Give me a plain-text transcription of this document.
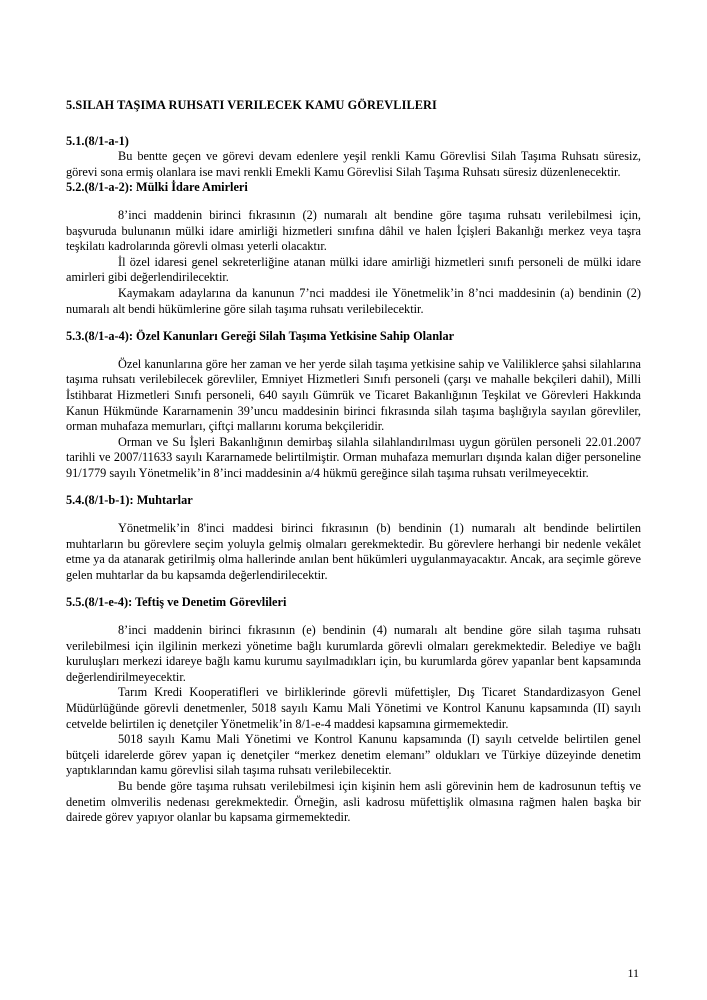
5.SILAH TAŞIMA RUHSATI VERILECEK KAMU GÖREVLILERI
5.1.(8/1-a-1)

Bu bentte geçen ve görevi devam edenlere yeşil renkli Kamu Görevlisi Silah Taşıma Ruhsatı süresiz, görevi sona ermiş olanlara ise mavi renkli Emekli Kamu Görevlisi Silah Taşıma Ruhsatı süresiz düzenlenecektir.

5.2.(8/1-a-2): Mülki İdare Amirleri

8’inci maddenin birinci fıkrasının (2) numaralı alt bendine göre taşıma ruhsatı verilebilmesi için, başvuruda bulunanın mülki idare amirliği hizmetleri sınıfına dâhil ve halen İçişleri Bakanlığı merkez veya taşra teşkilatı kadrolarında görevli olması yeterli olacaktır.

İl özel idaresi genel sekreterliğine atanan mülki idare amirliği hizmetleri sınıfı personeli de mülki idare amirleri gibi değerlendirilecektir.

Kaymakam adaylarına da kanunun 7’nci maddesi ile Yönetmelik’in 8’nci maddesinin (a) bendinin (2) numaralı alt bendi hükümlerine göre silah taşıma ruhsatı verilebilecektir.

5.3.(8/1-a-4): Özel Kanunları Gereği Silah Taşıma Yetkisine Sahip Olanlar

Özel kanunlarına göre her zaman ve her yerde silah taşıma yetkisine sahip ve Valiliklerce şahsi silahlarına taşıma ruhsatı verilebilecek görevliler, Emniyet Hizmetleri Sınıfı personeli (çarşı ve mahalle bekçileri dahil), Milli İstihbarat Hizmetleri Sınıfı personeli, 640 sayılı Gümrük ve Ticaret Bakanlığının Teşkilat ve Görevleri Hakkında Kanun Hükmünde Kararnamenin 39’uncu maddesinin birinci fıkrasında silah taşıma başlığıyla sayılan görevliler, orman muhafaza memurları, çiftçi mallarını koruma bekçileridir.

Orman ve Su İşleri Bakanlığının demirbaş silahla silahlandırılması uygun görülen personeli 22.01.2007 tarihli ve 2007/11633 sayılı Kararnamede belirtilmiştir. Orman muhafaza memurları dışında kalan diğer personeline 91/1779 sayılı Yönetmelik’in 8’inci maddesinin a/4 hükmü gereğince silah taşıma ruhsatı verilmeyecektir.

5.4.(8/1-b-1): Muhtarlar

Yönetmelik’in 8'inci maddesi birinci fıkrasının (b) bendinin (1) numaralı alt bendinde belirtilen muhtarların bu görevlere seçim yoluyla gelmiş olmaları gerekmektedir. Bu görevlere herhangi bir nedenle vekâlet etme ya da atanarak getirilmiş olma hallerinde anılan bent hükümleri uygulanmayacaktır. Ancak, ara seçimle göreve gelen muhtarlar da bu kapsamda değerlendirilecektir.

5.5.(8/1-e-4): Teftiş ve Denetim Görevlileri

8’inci maddenin birinci fıkrasının (e) bendinin (4) numaralı alt bendine göre silah taşıma ruhsatı verilebilmesi için ilgilinin merkezi yönetime bağlı kurumlarda görevli olmaları gerekmektedir. Belediye ve bağlı kuruluşları merkezi idareye bağlı kamu kurumu sayılmadıkları için, bu kurumlarda görev yapanlar bent kapsamında değerlendirilmeyecektir.

Tarım Kredi Kooperatifleri ve birliklerinde görevli müfettişler, Dış Ticaret Standardizasyon Genel Müdürlüğünde görevli denetmenler, 5018 sayılı Kamu Mali Yönetimi ve Kontrol Kanunu kapsamında (II) sayılı cetvelde belirtilen iç denetçiler Yönetmelik’in 8/1-e-4 maddesi kapsamına girmemektedir.

5018 sayılı Kamu Mali Yönetimi ve Kontrol Kanunu kapsamında (I) sayılı cetvelde belirtilen genel bütçeli idarelerde görev yapan iç denetçiler “merkez denetim elemanı” oldukları ve Türkiye düzeyinde denetim yaptıklarından kamu görevlisi silah taşıma ruhsatı verilebilecektir.

Bu bende göre taşıma ruhsatı verilebilmesi için kişinin hem asli görevinin hem de kadrosunun teftiş ve denetim olmverilis nedenası gerekmektedir. Örneğin, asli kadrosu müfettişlik olmasına rağmen halen başka bir dairede görev yapıyor olanlar bu kapsama girmemektedir.

11
